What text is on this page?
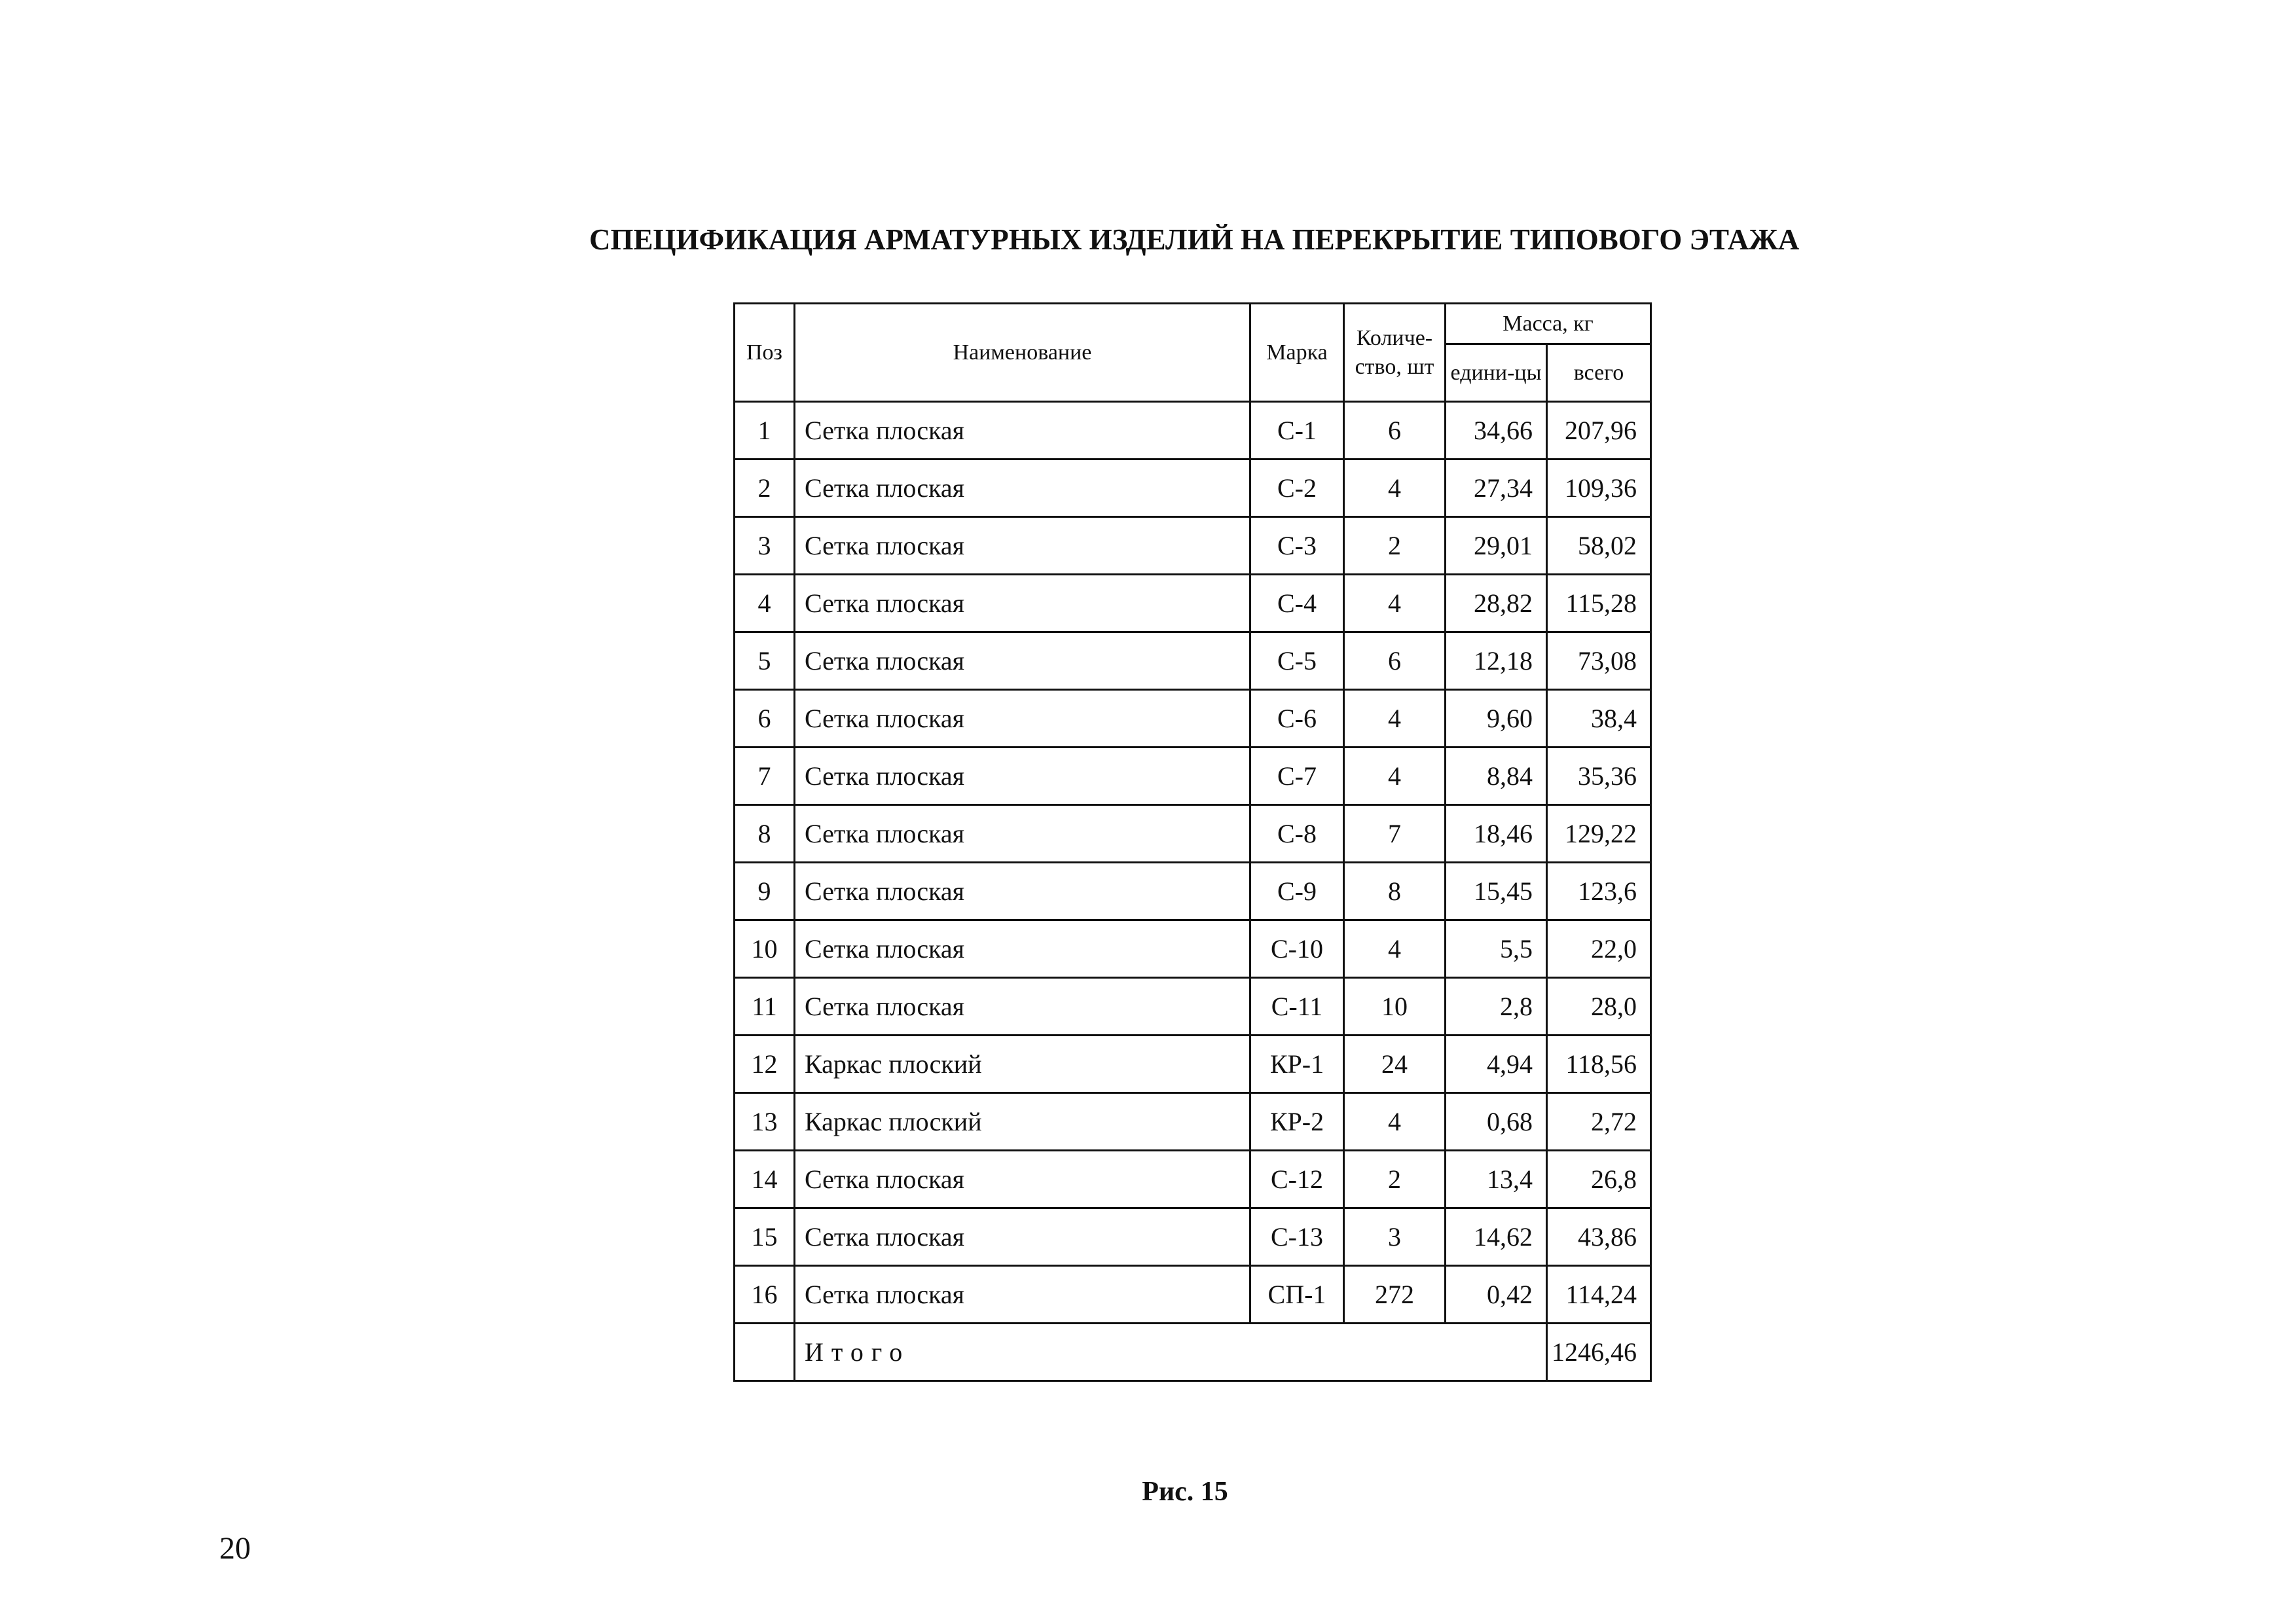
СПЕЦИФИКАЦИЯ АРМАТУРНЫХ ИЗДЕЛИЙ НА ПЕРЕКРЫТИЕ ТИПОВОГО ЭТАЖА
Поз	Наименование	Марка	Количе-ство, шт	Масса, кг	
				едини-цы	всего
1	Сетка плоская	С-1	6	34,66	207,96
2	Сетка плоская	С-2	4	27,34	109,36
3	Сетка плоская	С-3	2	29,01	58,02
4	Сетка плоская	С-4	4	28,82	115,28
5	Сетка плоская	С-5	6	12,18	73,08
6	Сетка плоская	С-6	4	9,60	38,4
7	Сетка плоская	С-7	4	8,84	35,36
8	Сетка плоская	С-8	7	18,46	129,22
9	Сетка плоская	С-9	8	15,45	123,6
10	Сетка плоская	С-10	4	5,5	22,0
11	Сетка плоская	С-11	10	2,8	28,0
12	Каркас плоский	КР-1	24	4,94	118,56
13	Каркас плоский	КР-2	4	0,68	2,72
14	Сетка плоская	С-12	2	13,4	26,8
15	Сетка плоская	С-13	3	14,62	43,86
16	Сетка плоская	СП-1	272	0,42	114,24
	Итого				1246,46
Рис. 15
20
